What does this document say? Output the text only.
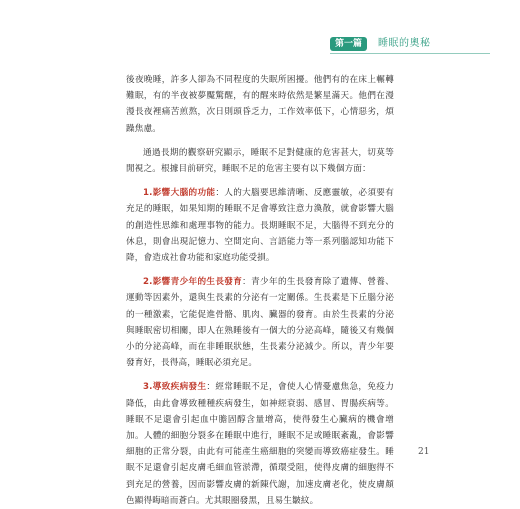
第一篇	睡眠的奧秘

後夜晚睡，許多人卻為不同程度的失眠所困擾。他們有的在床上輾轉難眠，有的半夜被夢魘驚醒，有的醒來時依然是繁星滿天。他們在漫漫長夜裡痛苦煎熬，次日則頭昏乏力，工作效率低下，心情惡劣，煩躁焦慮。

通過長期的觀察研究顯示，睡眠不足對健康的危害甚大，切莫等閒視之。根據目前研究，睡眠不足的危害主要有以下幾個方面：

1.影響大腦的功能：人的大腦要思維清晰、反應靈敏，必須要有充足的睡眠，如果知期的睡眠不足會導致注意力渙散，就會影響大腦的創造性思維和處理事物的能力。長期睡眠不足，大腦得不到充分的休息，則會出現記憶力、空間定向、言語能力等一系列腦認知功能下降，會造成社會功能和家庭功能受損。

2.影響青少年的生長發育：青少年的生長發育除了遺傳、營養、運動等因素外，還與生長素的分泌有一定關係。生長素是下丘腦分泌的一種激素，它能促進骨骼、肌肉、臟器的發育。由於生長素的分泌與睡眠密切相關，即人在熟睡後有一個大的分泌高峰，隨後又有幾個小的分泌高峰，而在非睡眠狀態，生長素分泌減少。所以，青少年要發育好，長得高，睡眠必須充足。

3.導致疾病發生：經常睡眠不足，會使人心情憂慮焦急，免疫力降低，由此會導致種種疾病發生，如神經衰弱、感冒、胃腸疾病等。睡眠不足還會引起血中膽固醇含量增高，使得發生心臟病的機會增加。人體的細胞分裂多在睡眠中進行，睡眠不足或睡眠紊亂，會影響細胞的正常分裂，由此有可能產生癌細胞的突變而導致癌症發生。睡眠不足還會引起皮膚毛細血管淤滯，循環受阻，使得皮膚的細胞得不到充足的營養，因而影響皮膚的新陳代謝，加速皮膚老化，使皮膚顏色顯得晦暗而蒼白。尤其眼圈發黑，且易生皺紋。

21
